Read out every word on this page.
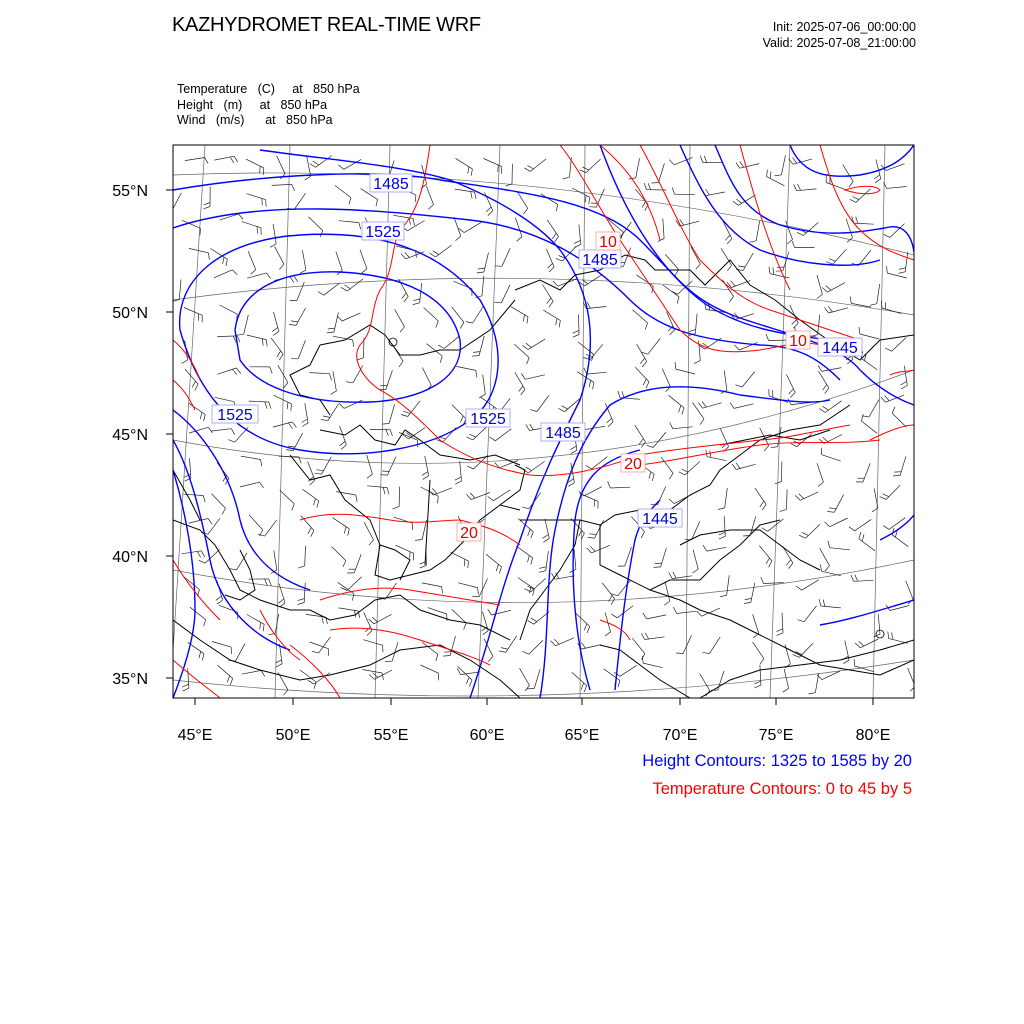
KAZHYDROMET REAL-TIME WRF	Init: 2025-07-06_00:00:00
Valid: 2025-07-08_21:00:00
Temperature   (C)     at   850 hPa
Height   (m)     at   850 hPa
Wind   (m/s)      at   850 hPa
1485
1525
1485
1525	1525
1485
1445
1445
10
10
20
20
55°N
50°N
45°N
40°N
35°N
45°E	50°E	55°E	60°E	65°E	70°E	75°E	80°E
Height Contours: 1325 to 1585 by 20
Temperature Contours: 0 to 45 by 5
